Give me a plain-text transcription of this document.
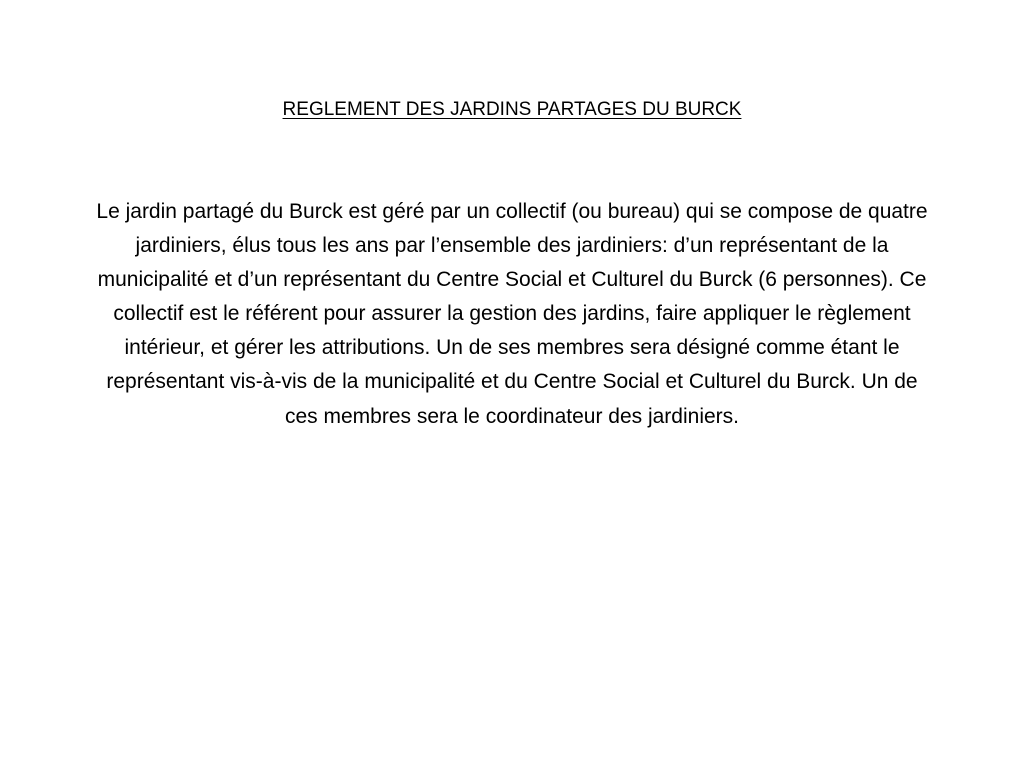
REGLEMENT DES JARDINS PARTAGES DU BURCK

Le jardin partagé du Burck est géré par un collectif (ou bureau) qui se compose de quatre jardiniers, élus tous les ans par l’ensemble des jardiniers: d’un représentant de la municipalité et d’un représentant du Centre Social et Culturel du Burck (6 personnes). Ce collectif est le référent pour assurer la gestion des jardins, faire appliquer le règlement intérieur, et gérer les attributions. Un de ses membres sera désigné comme étant le représentant vis-à-vis de la municipalité et du Centre Social et Culturel du Burck. Un de ces membres sera le coordinateur des jardiniers.
